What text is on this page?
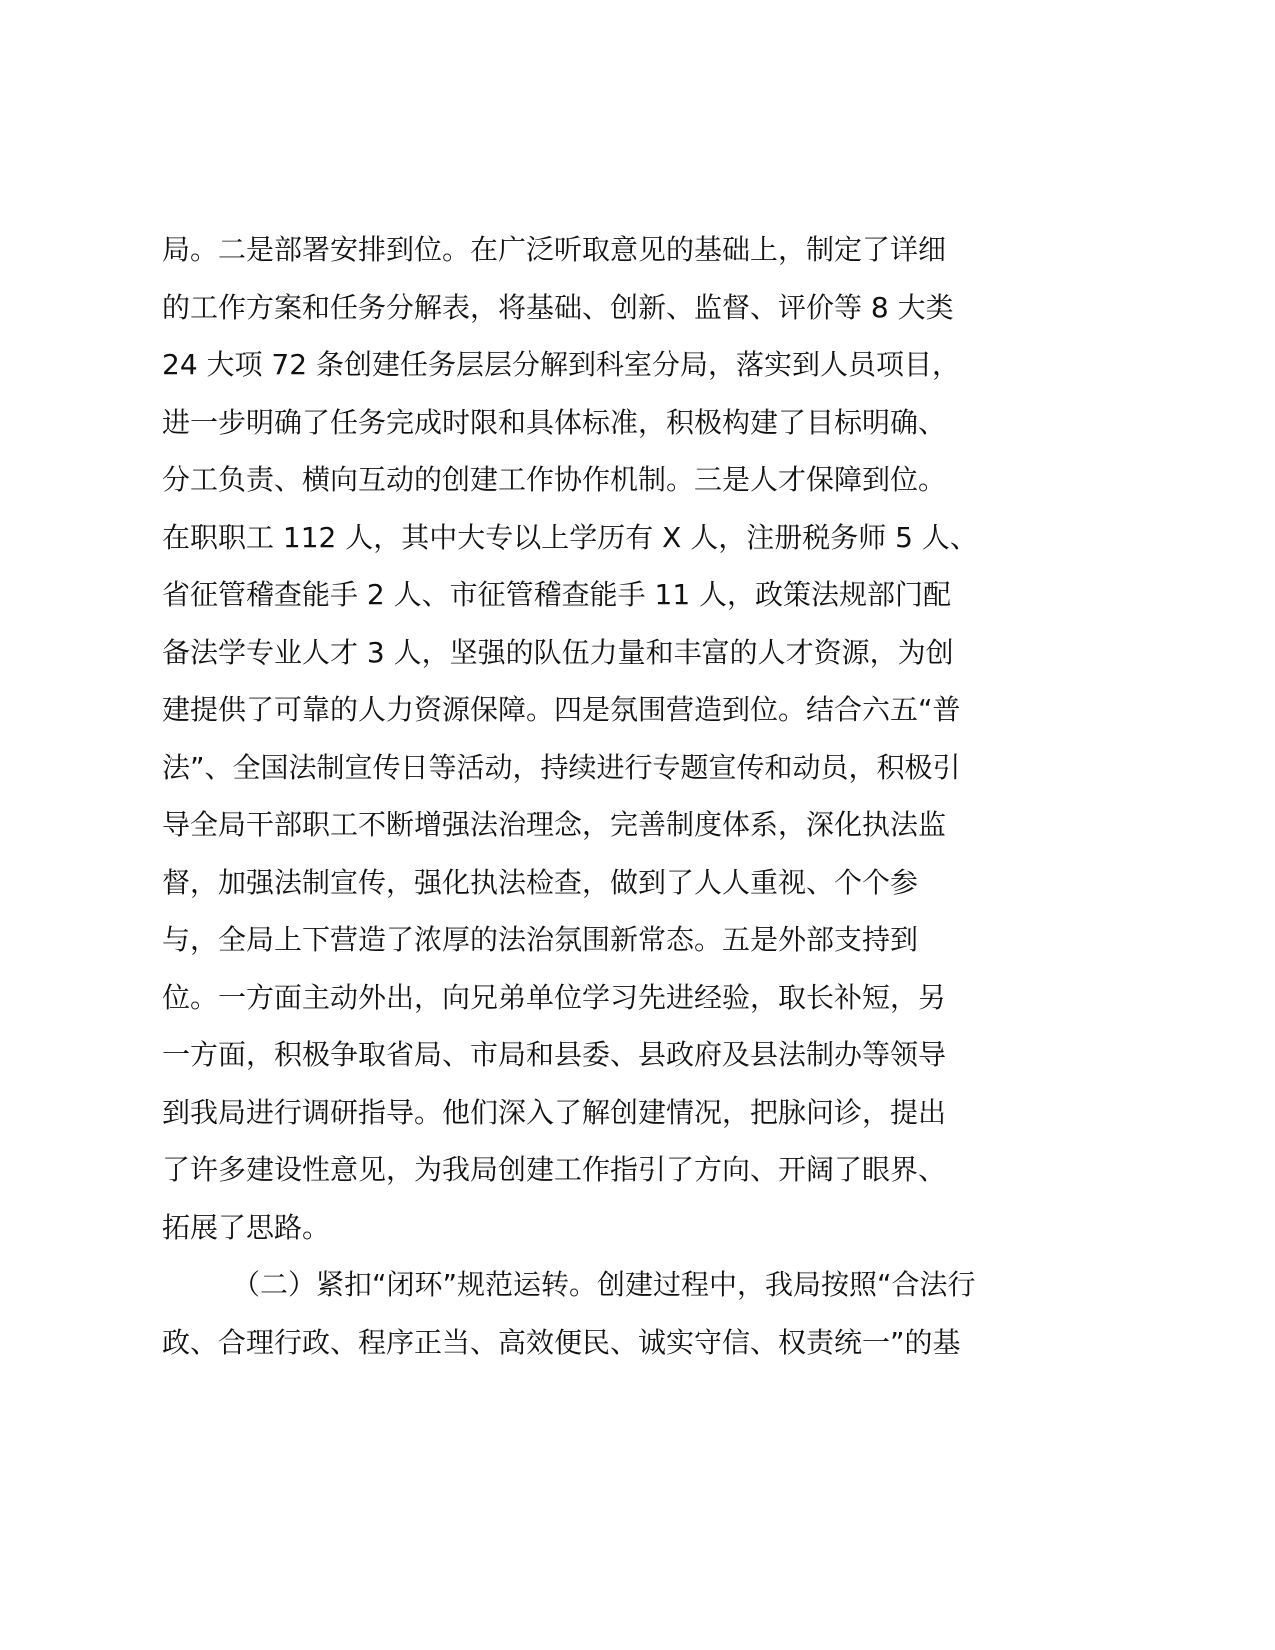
局。二是部署安排到位。在广泛听取意见的基础上，制定了详细
的工作方案和任务分解表，将基础、创新、监督、评价等 8 大类
24 大项 72 条创建任务层层分解到科室分局，落实到人员项目，
进一步明确了任务完成时限和具体标准，积极构建了目标明确、
分工负责、横向互动的创建工作协作机制。三是人才保障到位。
在职职工 112 人，其中大专以上学历有 X 人，注册税务师 5 人、
省征管稽查能手 2 人、市征管稽查能手 11 人，政策法规部门配
备法学专业人才 3 人，坚强的队伍力量和丰富的人才资源，为创
建提供了可靠的人力资源保障。四是氛围营造到位。结合六五“普
法”、全国法制宣传日等活动，持续进行专题宣传和动员，积极引
导全局干部职工不断增强法治理念，完善制度体系，深化执法监
督，加强法制宣传，强化执法检查，做到了人人重视、个个参
与，全局上下营造了浓厚的法治氛围新常态。五是外部支持到
位。一方面主动外出，向兄弟单位学习先进经验，取长补短，另
一方面，积极争取省局、市局和县委、县政府及县法制办等领导
到我局进行调研指导。他们深入了解创建情况，把脉问诊，提出
了许多建设性意见，为我局创建工作指引了方向、开阔了眼界、
拓展了思路。
（二）紧扣“闭环”规范运转。创建过程中，我局按照“合法行
政、合理行政、程序正当、高效便民、诚实守信、权责统一”的基
